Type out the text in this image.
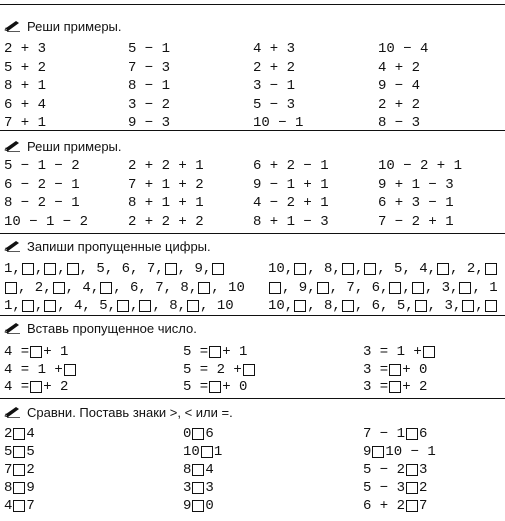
Реши примеры.
Реши примеры.
Запиши пропущенные цифры.
Вставь пропущенное число.
Сравни. Поставь знаки >, < или =.
2 + 3
5 + 2
8 + 1
6 + 4
7 + 1
5 − 1
7 − 3
8 − 1
3 − 2
9 − 3
4 + 3
2 + 2
3 − 1
5 − 3
10 − 1
10 − 4
4 + 2
9 − 4
2 + 2
8 − 3
5 − 1 − 2
6 − 2 − 1
8 − 2 − 1
10 − 1 − 2
2 + 2 + 1
7 + 1 + 2
8 + 1 + 1
2 + 2 + 2
6 + 2 − 1
9 − 1 + 1
4 − 2 + 1
8 + 1 − 3
10 − 2 + 1
9 + 1 − 3
6 + 3 − 1
7 − 2 + 1
1,,,, 5, 6, 7,, 9,
, 2,, 4,, 6, 7, 8,, 10
1,,, 4, 5,,, 8,, 10
10,, 8,,, 5, 4,, 2,
, 9,, 7, 6,,, 3,, 1
10,, 8,, 6, 5,, 3,,
4 =+ 1
4 = 1 +
4 =+ 2
5 =+ 1
5 = 2 +
5 =+ 0
3 = 1 +
3 =+ 0
3 =+ 2
24
55
72
89
47
06
101
84
33
90
7 − 16
910 − 1
5 − 23
5 − 32
6 + 27
